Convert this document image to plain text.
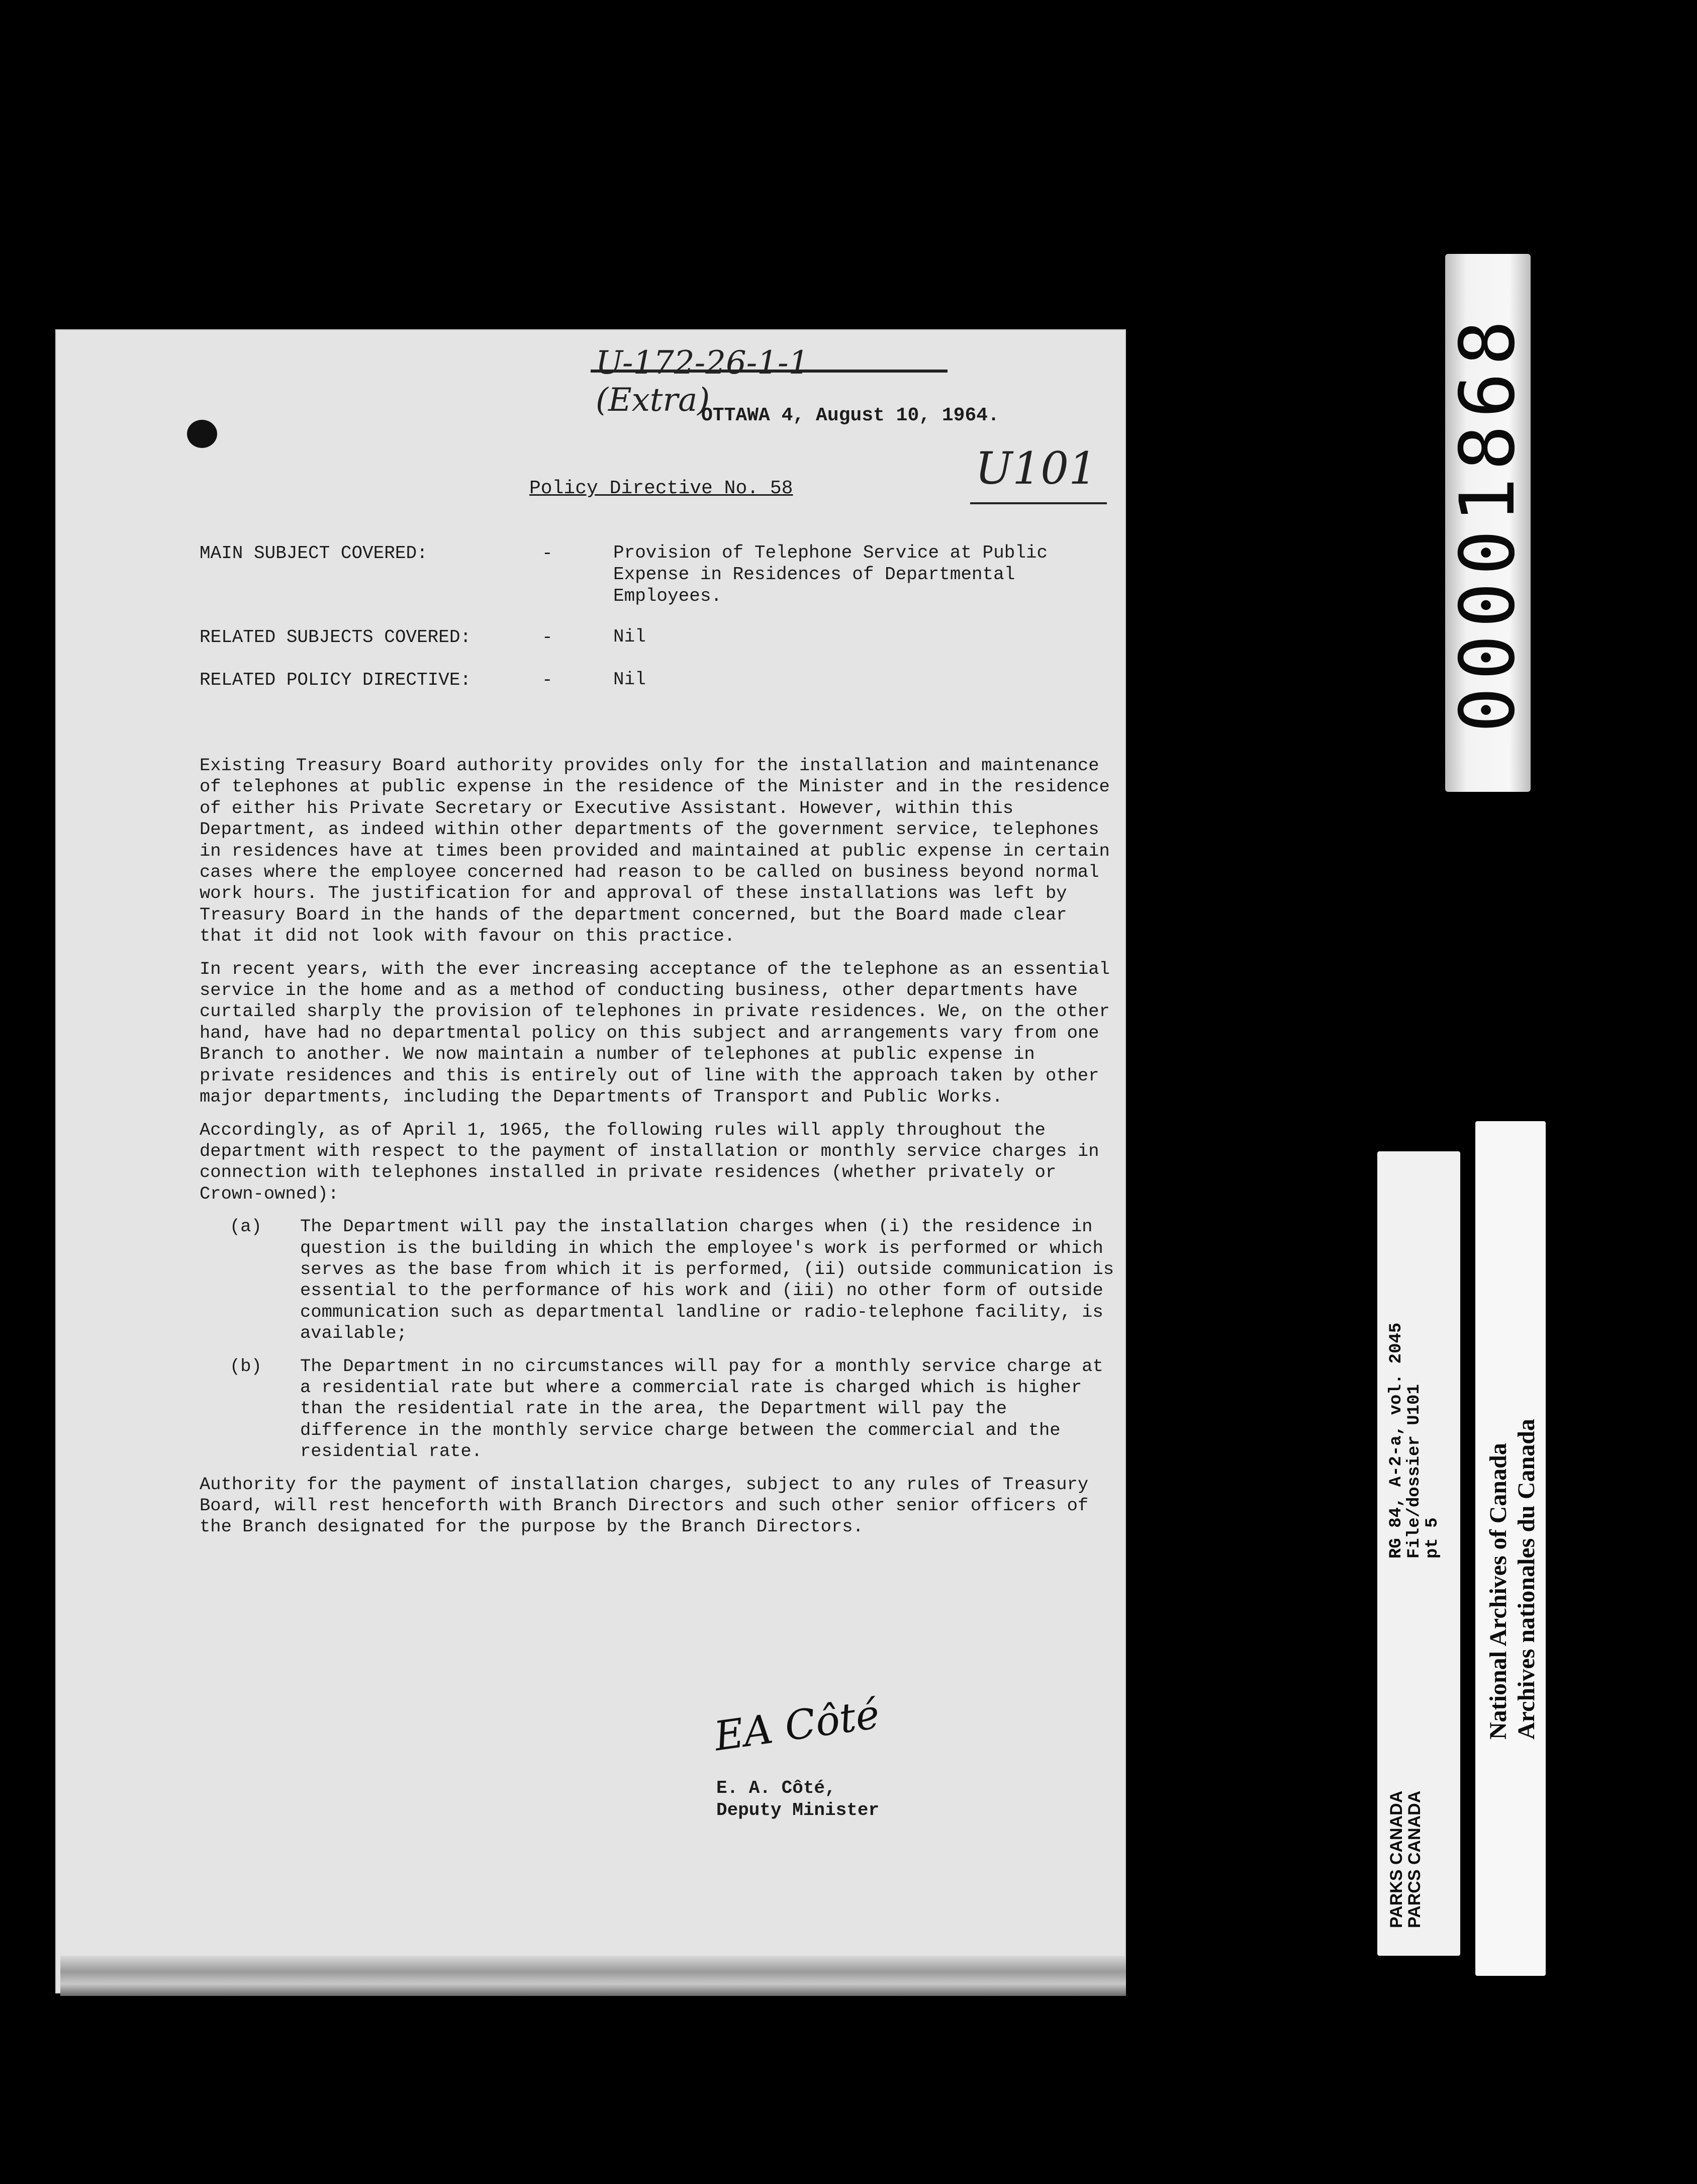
U-172-26-1-1 (Extra)
OTTAWA 4, August 10, 1964.
U101
Policy Directive No. 58
MAIN SUBJECT COVERED:	-	Provision of Telephone Service at Public Expense in Residences of Departmental Employees.
RELATED SUBJECTS COVERED:	-	Nil
RELATED POLICY DIRECTIVE:	-	Nil

Existing Treasury Board authority provides only for the installation and maintenance of telephones at public expense in the residence of the Minister and in the residence of either his Private Secretary or Executive Assistant. However, within this Department, as indeed within other departments of the government service, telephones in residences have at times been provided and maintained at public expense in certain cases where the employee concerned had reason to be called on business beyond normal work hours. The justification for and approval of these installations was left by Treasury Board in the hands of the department concerned, but the Board made clear that it did not look with favour on this practice.

In recent years, with the ever increasing acceptance of the telephone as an essential service in the home and as a method of conducting business, other departments have curtailed sharply the provision of telephones in private residences. We, on the other hand, have had no departmental policy on this subject and arrangements vary from one Branch to another. We now maintain a number of telephones at public expense in private residences and this is entirely out of line with the approach taken by other major departments, including the Departments of Transport and Public Works.

Accordingly, as of April 1, 1965, the following rules will apply throughout the department with respect to the payment of installation or monthly service charges in connection with telephones installed in private residences (whether privately or Crown-owned):

(a)	The Department will pay the installation charges when (i) the residence in question is the building in which the employee's work is performed or which serves as the base from which it is performed, (ii) outside communication is essential to the performance of his work and (iii) no other form of outside communication such as departmental landline or radio-telephone facility, is available;
(b)	The Department in no circumstances will pay for a monthly service charge at a residential rate but where a commercial rate is charged which is higher than the residential rate in the area, the Department will pay the difference in the monthly service charge between the commercial and the residential rate.

Authority for the payment of installation charges, subject to any rules of Treasury Board, will rest henceforth with Branch Directors and such other senior officers of the Branch designated for the purpose by the Branch Directors.

EA Côté
E. A. Côté,
Deputy Minister
00001868
RG 84, A-2-a, vol. 2045
File/dossier U101
pt 5
PARKS CANADA
PARCS CANADA
National Archives of Canada Archives nationales du Canada
